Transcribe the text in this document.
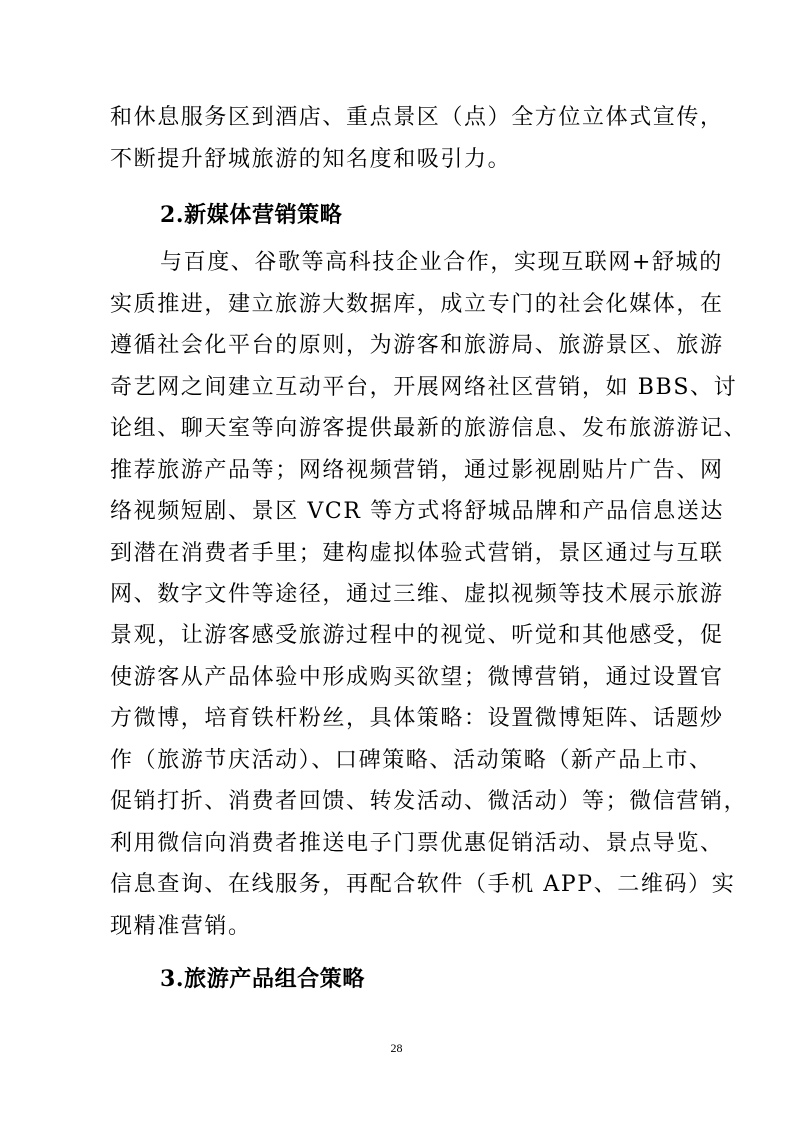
和休息服务区到酒店、重点景区（点）全方位立体式宣传，
不断提升舒城旅游的知名度和吸引力。
2.新媒体营销策略
与百度、谷歌等高科技企业合作，实现互联网+舒城的
实质推进，建立旅游大数据库，成立专门的社会化媒体，在
遵循社会化平台的原则，为游客和旅游局、旅游景区、旅游
奇艺网之间建立互动平台，开展网络社区营销，如 BBS、讨
论组、聊天室等向游客提供最新的旅游信息、发布旅游游记、
推荐旅游产品等；网络视频营销，通过影视剧贴片广告、网
络视频短剧、景区 VCR 等方式将舒城品牌和产品信息送达
到潜在消费者手里；建构虚拟体验式营销，景区通过与互联
网、数字文件等途径，通过三维、虚拟视频等技术展示旅游
景观，让游客感受旅游过程中的视觉、听觉和其他感受，促
使游客从产品体验中形成购买欲望；微博营销，通过设置官
方微博，培育铁杆粉丝，具体策略：设置微博矩阵、话题炒
作（旅游节庆活动）、口碑策略、活动策略（新产品上市、
促销打折、消费者回馈、转发活动、微活动）等；微信营销，
利用微信向消费者推送电子门票优惠促销活动、景点导览、
信息查询、在线服务，再配合软件（手机 APP、二维码）实
现精准营销。
3.旅游产品组合策略
28
